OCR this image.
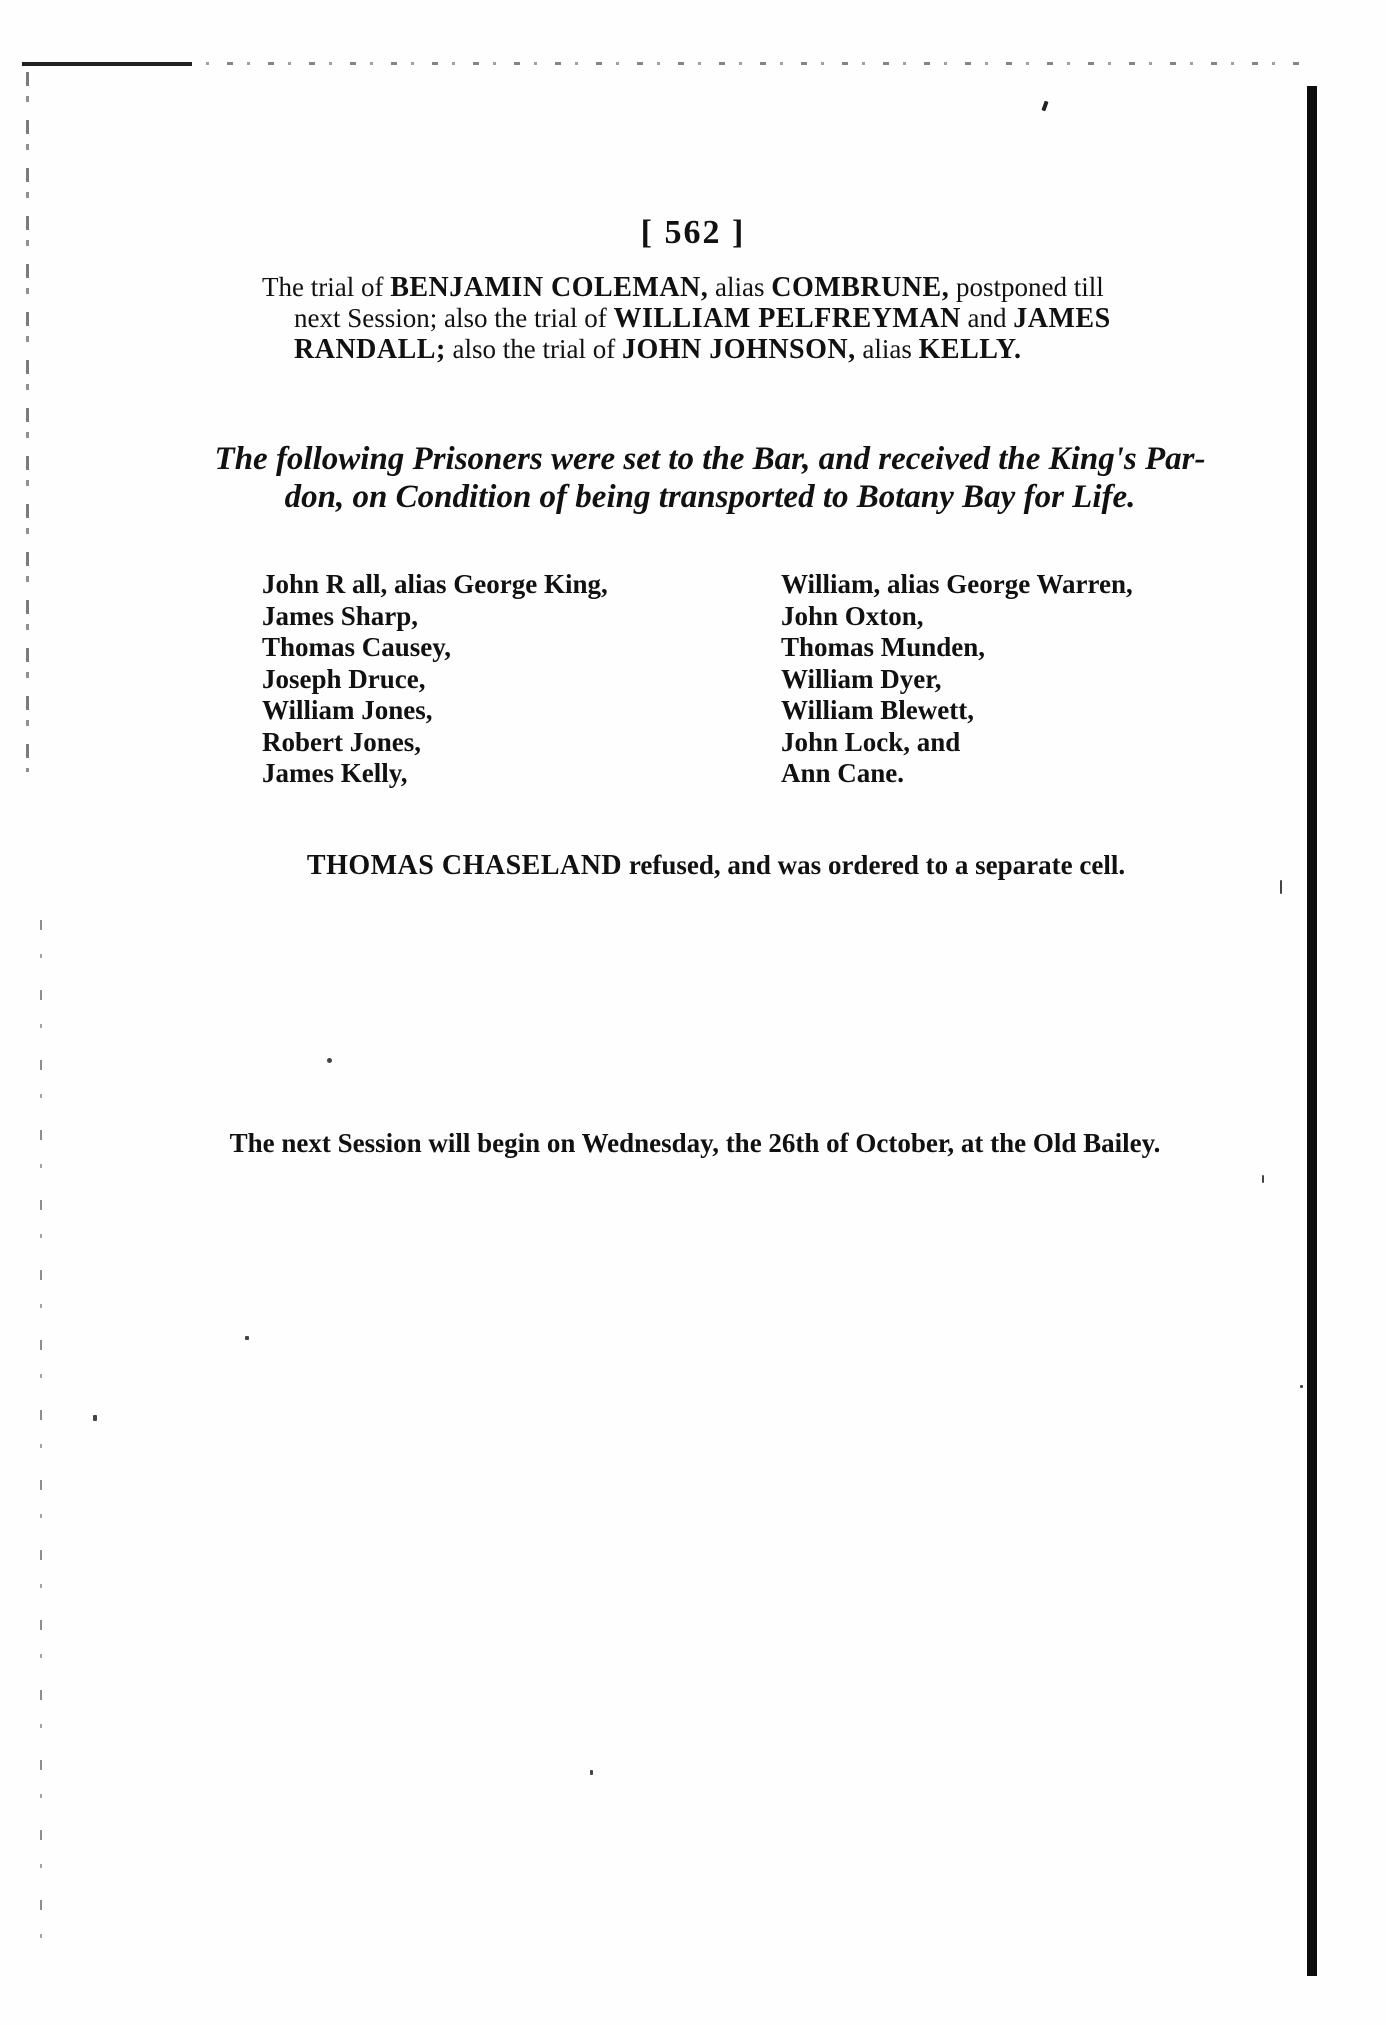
[ 562 ]
The trial of BENJAMIN COLEMAN, alias COMBRUNE, postponed till
next Session; also the trial of WILLIAM PELFREYMAN and JAMES
RANDALL; also the trial of JOHN JOHNSON, alias KELLY.
The following Prisoners were set to the Bar, and received the King's Par-
don, on Condition of being transported to Botany Bay for Life.
John R all, alias George King,
James Sharp,
Thomas Causey,
Joseph Druce,
William Jones,
Robert Jones,
James Kelly,
William, alias George Warren,
John Oxton,
Thomas Munden,
William Dyer,
William Blewett,
John Lock, and
Ann Cane.
THOMAS CHASELAND refused, and was ordered to a separate cell.
The next Session will begin on Wednesday, the 26th of October, at the Old Bailey.
